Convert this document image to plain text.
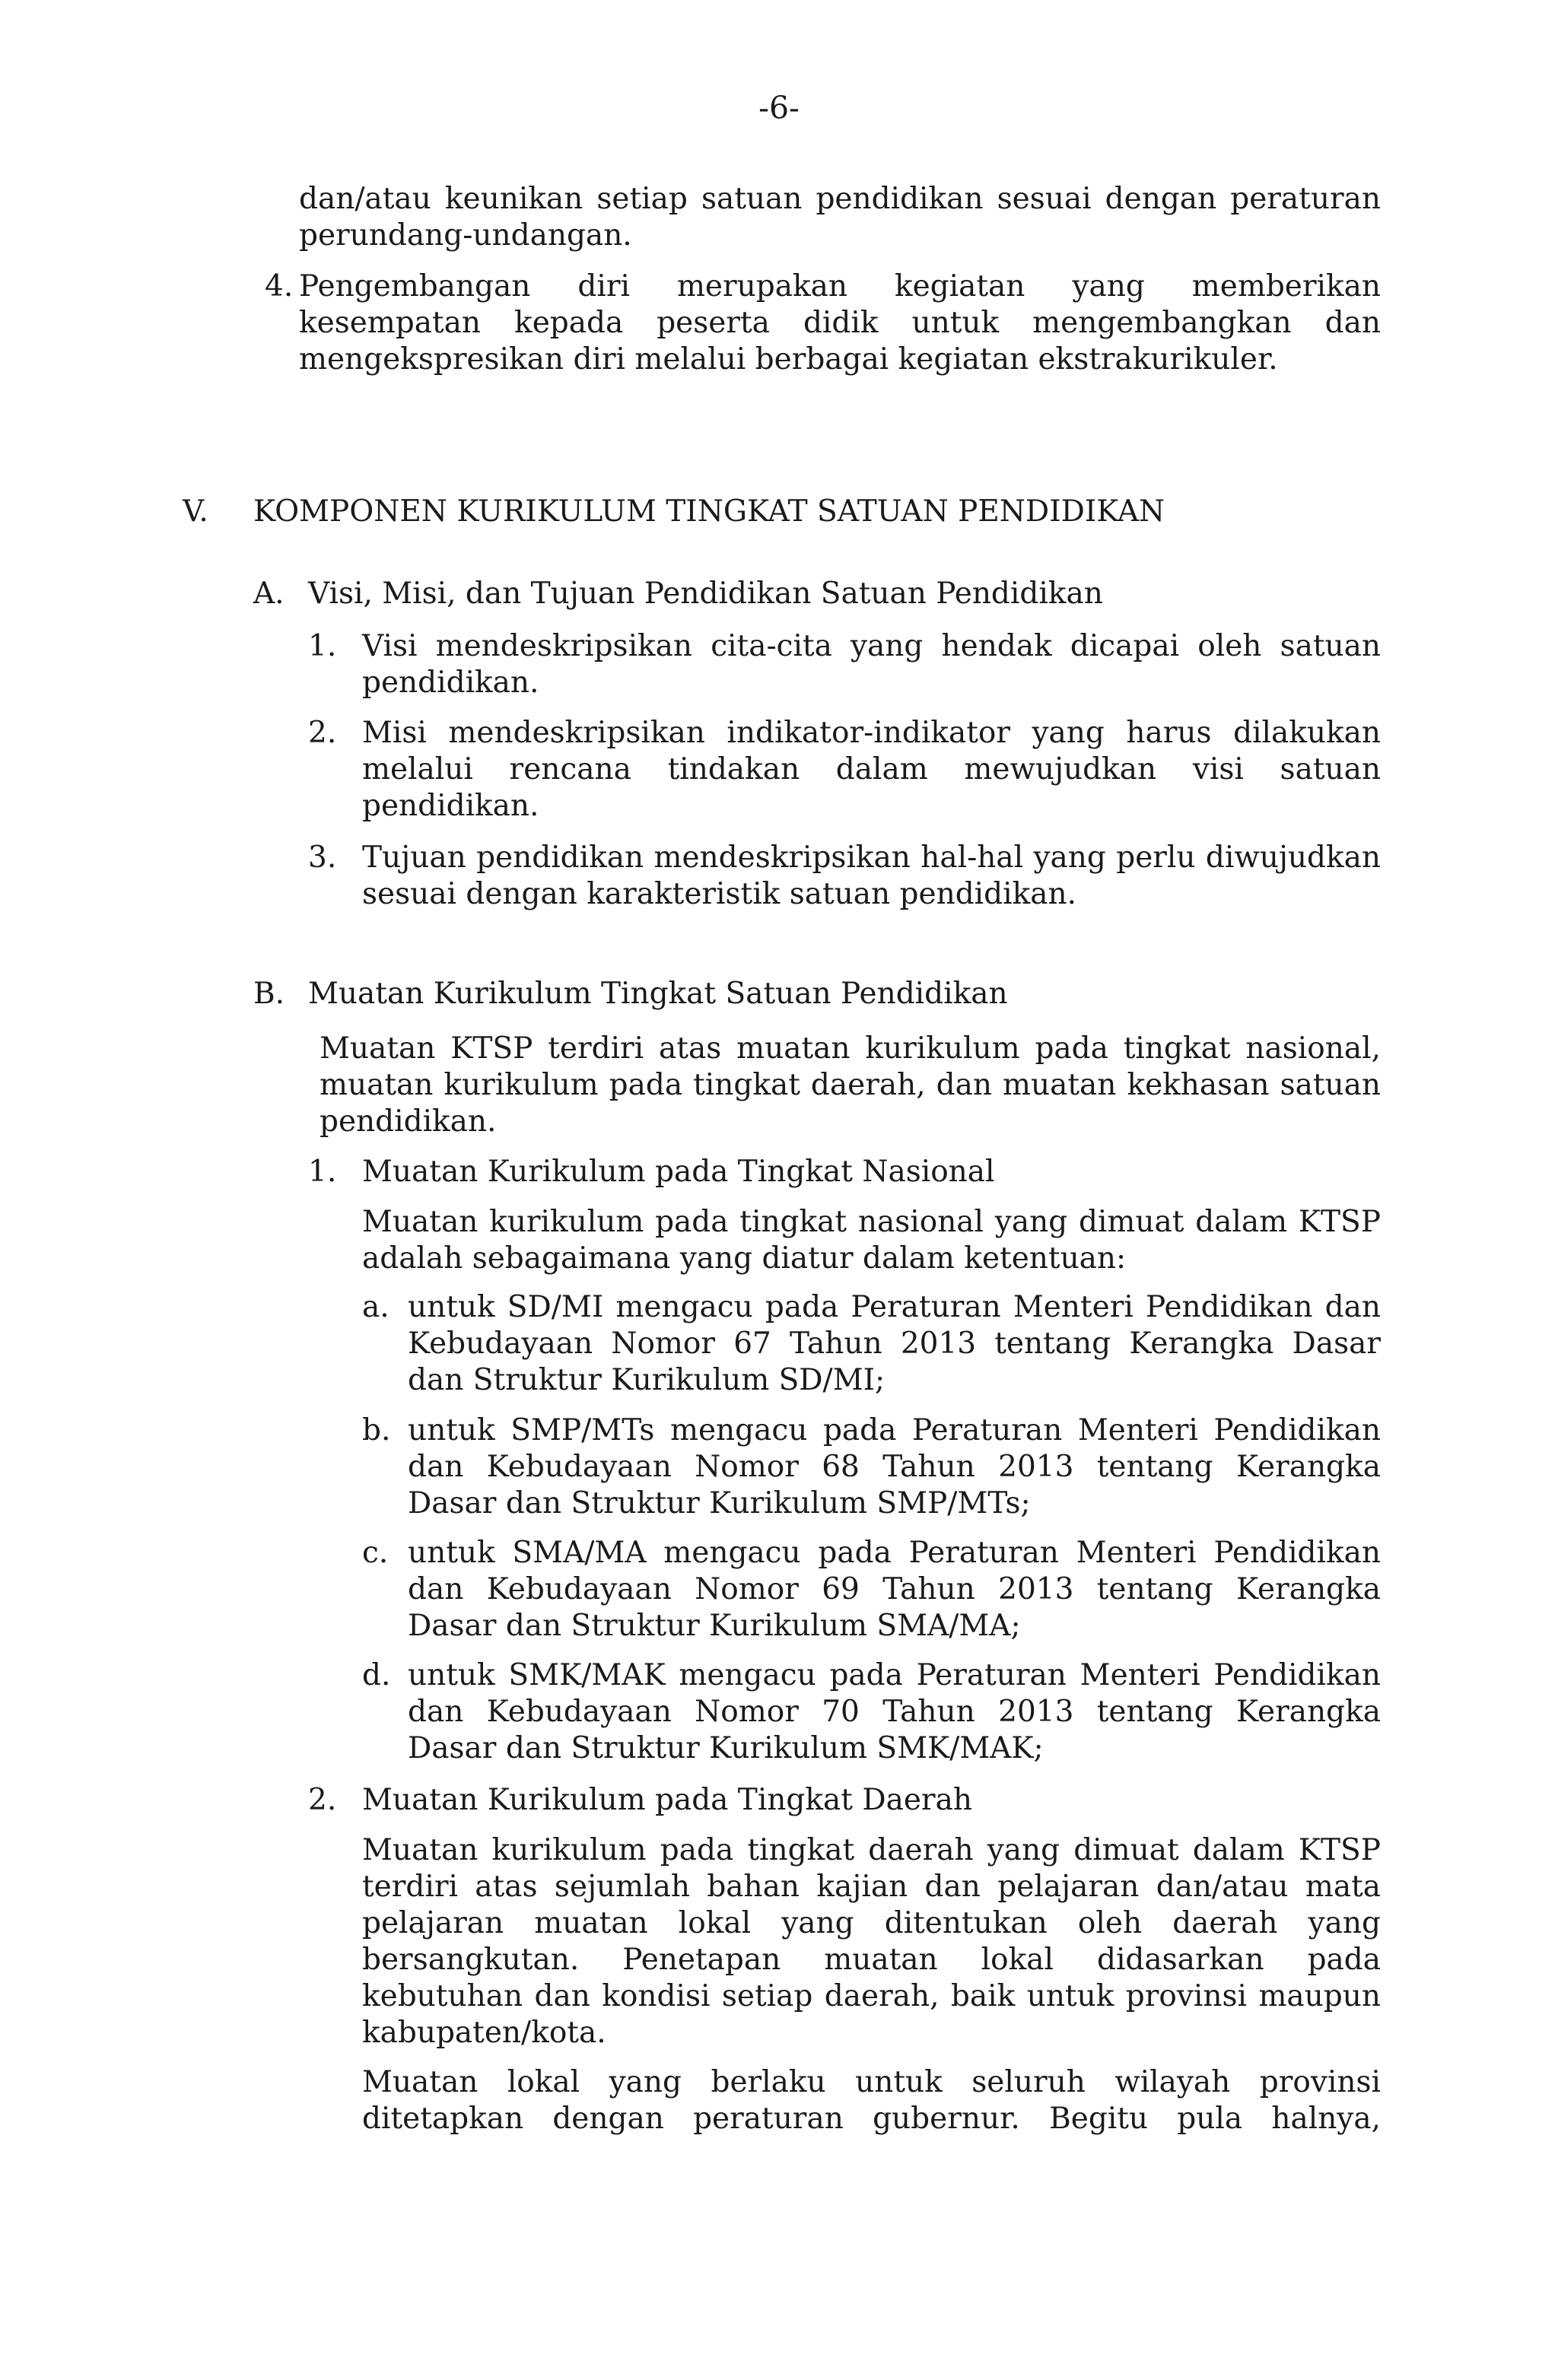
-6-
dan/atau keunikan setiap satuan pendidikan sesuai dengan peraturan perundang-undangan.
4. Pengembangan diri merupakan kegiatan yang memberikan kesempatan kepada peserta didik untuk mengembangkan dan mengekspresikan diri melalui berbagai kegiatan ekstrakurikuler.
V. KOMPONEN KURIKULUM TINGKAT SATUAN PENDIDIKAN
A. Visi, Misi, dan Tujuan Pendidikan Satuan Pendidikan
1. Visi mendeskripsikan cita-cita yang hendak dicapai oleh satuan pendidikan.
2. Misi mendeskripsikan indikator-indikator yang harus dilakukan melalui rencana tindakan dalam mewujudkan visi satuan pendidikan.
3. Tujuan pendidikan mendeskripsikan hal-hal yang perlu diwujudkan sesuai dengan karakteristik satuan pendidikan.
B. Muatan Kurikulum Tingkat Satuan Pendidikan
Muatan KTSP terdiri atas muatan kurikulum pada tingkat nasional, muatan kurikulum pada tingkat daerah, dan muatan kekhasan satuan pendidikan.
1. Muatan Kurikulum pada Tingkat Nasional
Muatan kurikulum pada tingkat nasional yang dimuat dalam KTSP adalah sebagaimana yang diatur dalam ketentuan:
a. untuk SD/MI mengacu pada Peraturan Menteri Pendidikan dan Kebudayaan Nomor 67 Tahun 2013 tentang Kerangka Dasar dan Struktur Kurikulum SD/MI;
b. untuk SMP/MTs mengacu pada Peraturan Menteri Pendidikan dan Kebudayaan Nomor 68 Tahun 2013 tentang Kerangka Dasar dan Struktur Kurikulum SMP/MTs;
c. untuk SMA/MA mengacu pada Peraturan Menteri Pendidikan dan Kebudayaan Nomor 69 Tahun 2013 tentang Kerangka Dasar dan Struktur Kurikulum SMA/MA;
d. untuk SMK/MAK mengacu pada Peraturan Menteri Pendidikan dan Kebudayaan Nomor 70 Tahun 2013 tentang Kerangka Dasar dan Struktur Kurikulum SMK/MAK;
2. Muatan Kurikulum pada Tingkat Daerah
Muatan kurikulum pada tingkat daerah yang dimuat dalam KTSP terdiri atas sejumlah bahan kajian dan pelajaran dan/atau mata pelajaran muatan lokal yang ditentukan oleh daerah yang bersangkutan. Penetapan muatan lokal didasarkan pada kebutuhan dan kondisi setiap daerah, baik untuk provinsi maupun kabupaten/kota.
Muatan lokal yang berlaku untuk seluruh wilayah provinsi ditetapkan dengan peraturan gubernur. Begitu pula halnya,
